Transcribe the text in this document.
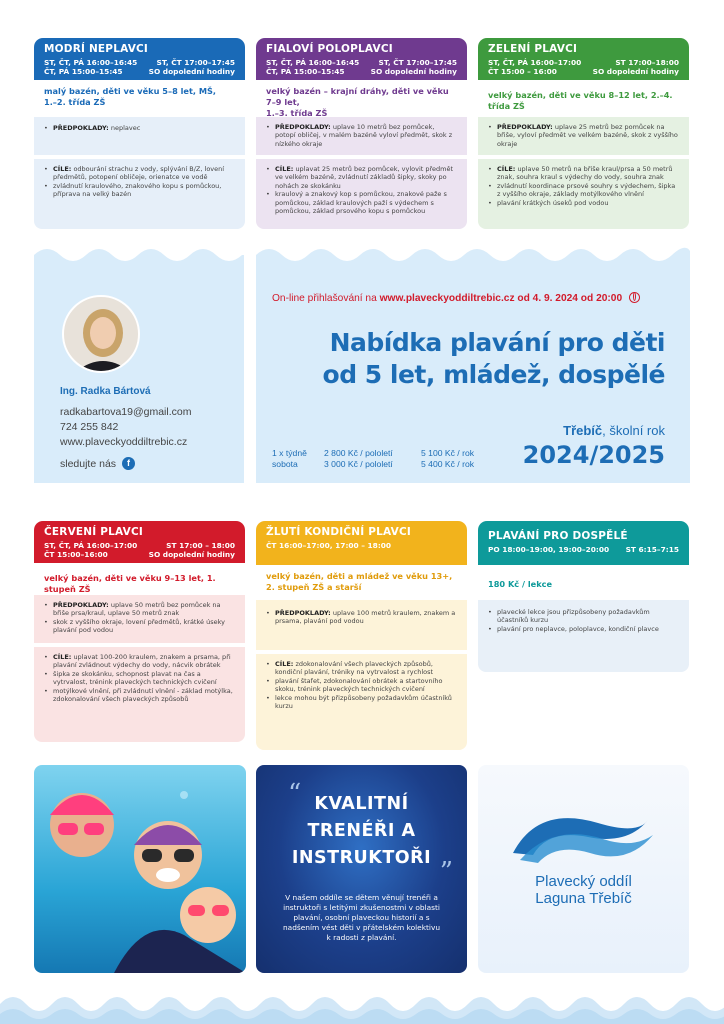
MODRÍ NEPLAVCI
ST, ČT, PÁ 16:00–16:45	ST, ČT 17:00–17:45
ČT, PÁ 15:00–15:45	SO dopolední hodiny
malý bazén, děti ve věku 5–8 let, MŠ,
1.–2. třída ZŠ
• PŘEDPOKLADY: neplavec
• CÍLE: odbourání strachu z vody, splývání B/Z, lovení předmětů, potopení obličeje, orienatce ve vodě
• zvládnutí kraulového, znakového kopu s pomůckou, příprava na velký bazén
FIALOVÍ POLOPLAVCI
ST, ČT, PÁ 16:00–16:45	ST, ČT 17:00–17:45
ČT, PÁ 15:00–15:45	SO dopolední hodiny
velký bazén – krajní dráhy, děti ve věku 7–9 let,
1.–3. třída ZŠ
• PŘEDPOKLADY: uplave 10 metrů bez pomůcek, potopí obličej, v malém bazéně vyloví předmět, skok z nízkého okraje
• CÍLE: uplavat 25 metrů bez pomůcek, vylovit předmět ve velkém bazéně, zvládnutí základů šipky, skoky po nohách ze skokánku
• kraulový a znakový kop s pomůckou, znakové paže s pomůckou, základ kraulových paží s výdechem s pomůckou, základ prsového kopu s pomůckou
ZELENÍ PLAVCI
ST, ČT, PÁ 16:00–17:00	ST 17:00–18:00
ČT 15:00 – 16:00	SO dopolední hodiny
velký bazén, děti ve věku 8–12 let, 2.–4. třída ZŠ
• PŘEDPOKLADY: uplave 25 metrů bez pomůcek na břiše, vyloví předmět ve velkém bazéně, skok z vyššího okraje
• CÍLE: uplave 50 metrů na břiše kraul/prsa a 50 metrů znak, souhra kraul s výdechy do vody, souhra znak
• zvládnutí koordinace prsové souhry s výdechem, šipka z vyššího okraje, základy motýlkového vlnění
• plavání krátkých úseků pod vodou
Ing. Radka Bártová
radkabartova19@gmail.com
724 255 842
www.plaveckyoddiltrebic.cz
sledujte nás	f
On-line přihlašování na www.plaveckyoddiltrebic.cz od 4. 9. 2024 od 20:00
Nabídka plavání pro děti
od 5 let, mládež, dospělé
Třebíč, školní rok
2024/2025
1 x týdně	2 800 Kč / pololetí	5 100 Kč / rok
sobota	3 000 Kč / pololetí	5 400 Kč / rok
ČERVENÍ PLAVCI
ST, ČT, PÁ 16:00–17:00	ST 17:00 – 18:00
ČT 15:00–16:00	SO dopolední hodiny
velký bazén, děti ve věku 9–13 let, 1. stupeň ZŠ
• PŘEDPOKLADY: uplave 50 metrů bez pomůcek na břiše prsa/kraul, uplave 50 metrů znak
• skok z vyššího okraje, lovení předmětů, krátké úseky plavání pod vodou
• CÍLE: uplavat 100-200 kraulem, znakem a prsama, při plavání zvládnout výdechy do vody, nácvik obrátek
• šipka ze skokánku, schopnost plavat na čas a vytrvalost, trénink plaveckých technických cvičení
• motýlkové vlnění, při zvládnutí vlnění - základ motýlka, zdokonalování všech plaveckých způsobů
ŽLUTÍ KONDIČNÍ PLAVCI
ČT 16:00–17:00, 17:00 – 18:00
velký bazén, děti a mládež ve věku 13+,
2. stupeň ZŠ a starší
• PŘEDPOKLADY: uplave 100 metrů kraulem, znakem a prsama, plavání pod vodou
• CÍLE: zdokonalování všech plaveckých způsobů, kondiční plavání, tréniky na vytrvalost a rychlost
• plavání štafet, zdokonalování obrátek a startovního skoku, trénink plaveckých technických cvičení
• lekce mohou být přizpůsobeny požadavkům účastníků kurzu
PLAVÁNÍ PRO DOSPĚLÉ
PO 18:00–19:00, 19:00–20:00 ST 6:15–7:15
180 Kč / lekce
• plavecké lekce jsou přizpůsobeny požadavkům účastníků kurzu
• plavání pro neplavce, poloplavce, kondiční plavce
“ KVALITNÍ
TRENÉŘI A
INSTRUKTOŘI ”
V našem oddíle se dětem věnují trenéři a instruktoři s letitými zkušenostmi v oblasti plavání, osobní plaveckou historií a s nadšením vést děti v přátelském kolektivu k radosti z plavání.
Plavecký oddíl
Laguna Třebíč
